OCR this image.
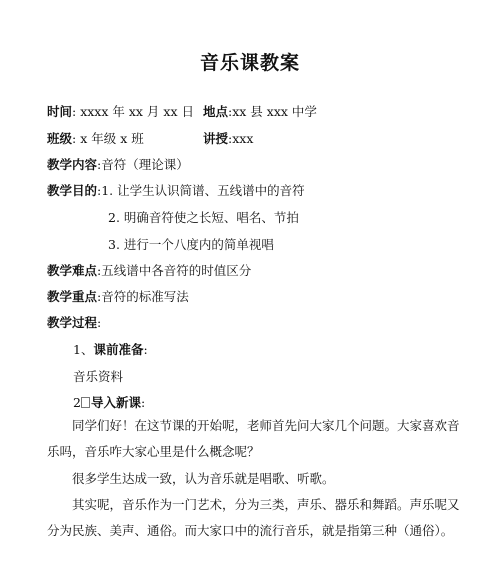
音乐课教案
时间: xxxx 年 xx 月 xx 日 地点:xx 县 xxx 中学
班级: x 年级 x 班	讲授:xxx
教学内容:音符（理论课）
教学目的:1. 让学生认识简谱、五线谱中的音符
2. 明确音符使之长短、唱名、节拍
3. 进行一个八度内的简单视唱
教学难点:五线谱中各音符的时值区分
教学重点:音符的标准写法
教学过程:
1、课前准备:
音乐资料
2 导入新课:
同学们好！在这节课的开始呢，老师首先问大家几个问题。大家喜欢音乐吗，音乐咋大家心里是什么概念呢？
很多学生达成一致，认为音乐就是唱歌、听歌。
其实呢，音乐作为一门艺术，分为三类，声乐、器乐和舞蹈。声乐呢又分为民族、美声、通俗。而大家口中的流行音乐，就是指第三种（通俗）。
